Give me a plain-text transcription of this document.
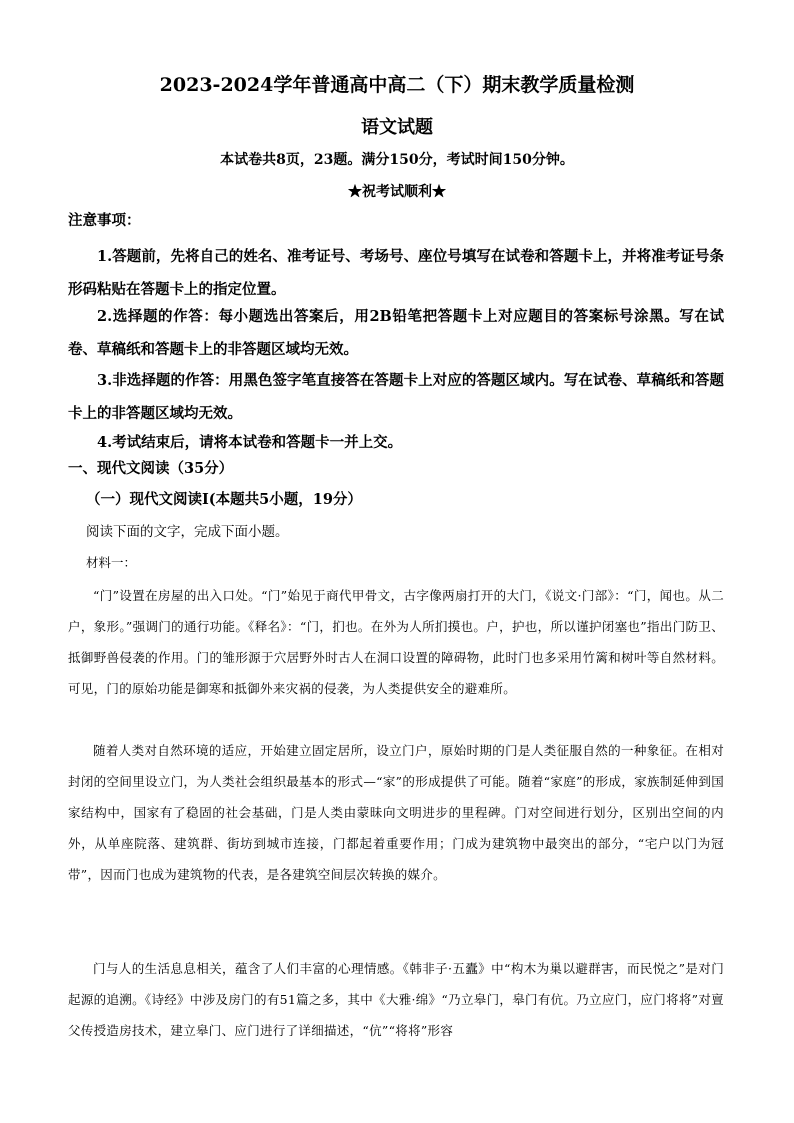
2023-2024学年普通高中高二（下）期末教学质量检测
语文试题
本试卷共8页，23题。满分150分，考试时间150分钟。
★祝考试顺利★
注意事项：
1.答题前，先将自己的姓名、准考证号、考场号、座位号填写在试卷和答题卡上，并将准考证号条形码粘贴在答题卡上的指定位置。
2.选择题的作答：每小题选出答案后，用2B铅笔把答题卡上对应题目的答案标号涂黑。写在试卷、草稿纸和答题卡上的非答题区域均无效。
3.非选择题的作答：用黑色签字笔直接答在答题卡上对应的答题区域内。写在试卷、草稿纸和答题卡上的非答题区域均无效。
4.考试结束后，请将本试卷和答题卡一并上交。
一、现代文阅读（35分）
（一）现代文阅读Ⅰ(本题共5小题，19分）
阅读下面的文字，完成下面小题。
材料一：
“门”设置在房屋的出入口处。“门”始见于商代甲骨文，古字像两扇打开的大门，《说文·门部》：“门，闻也。从二户，象形。”强调门的通行功能。《释名》：“门，扪也。在外为人所扪摸也。户，护也，所以谨护闭塞也”指出门防卫、抵御野兽侵袭的作用。门的雏形源于穴居野外时古人在洞口设置的障碍物，此时门也多采用竹篱和树叶等自然材料。可见，门的原始功能是御寒和抵御外来灾祸的侵袭，为人类提供安全的避难所。
随着人类对自然环境的适应，开始建立固定居所，设立门户，原始时期的门是人类征服自然的一种象征。在相对封闭的空间里设立门，为人类社会组织最基本的形式—“家”的形成提供了可能。随着“家庭”的形成，家族制延伸到国家结构中，国家有了稳固的社会基础，门是人类由蒙昧向文明进步的里程碑。门对空间进行划分，区别出空间的内外，从单座院落、建筑群、街坊到城市连接，门都起着重要作用；门成为建筑物中最突出的部分，“宅户以门为冠带”，因而门也成为建筑物的代表，是各建筑空间层次转换的媒介。
门与人的生活息息相关，蕴含了人们丰富的心理情感。《韩非子·五蠹》中“构木为巢以避群害，而民悦之”是对门起源的追溯。《诗经》中涉及房门的有51篇之多，其中《大雅·绵》“乃立皋门，皋门有伉。乃立应门，应门将将”对亶父传授造房技术，建立皋门、应门进行了详细描述，“伉”“将将”形容
